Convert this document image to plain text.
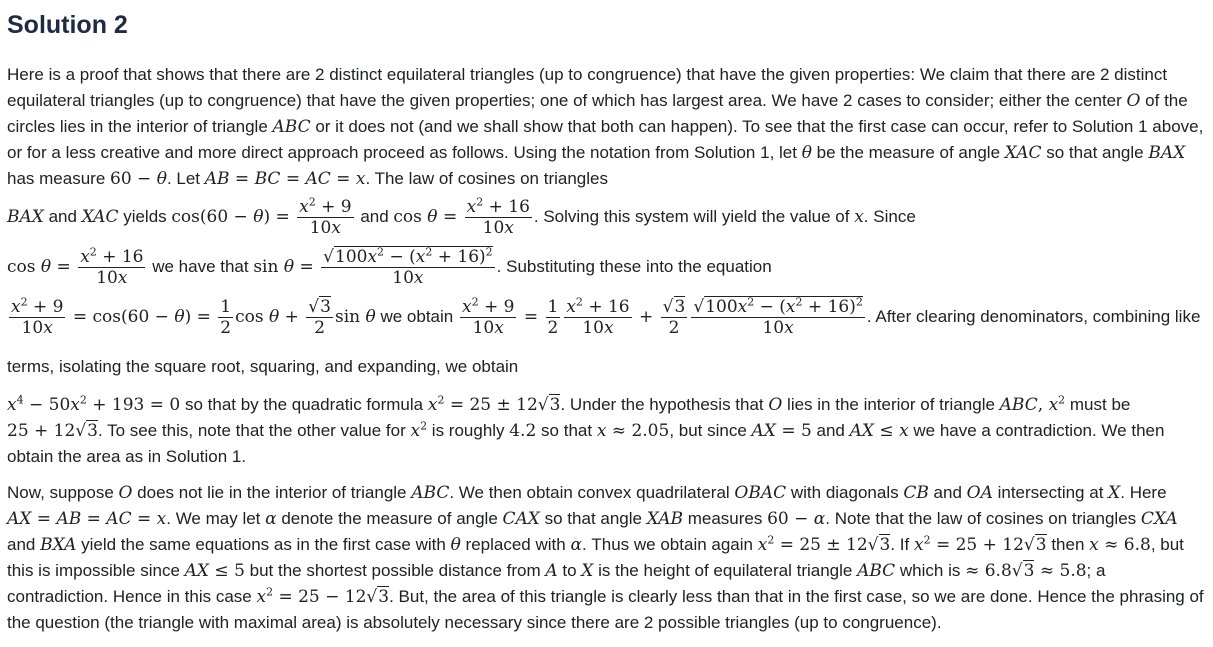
Solution 2

Here is a proof that shows that there are 2 distinct equilateral triangles (up to congruence) that have the given properties: We claim that there are 2 distinct equilateral triangles (up to congruence) that have the given properties; one of which has largest area. We have 2 cases to consider; either the center O of the circles lies in the interior of triangle ABC or it does not (and we shall show that both can happen). To see that the first case can occur, refer to Solution 1 above, or for a less creative and more direct approach proceed as follows. Using the notation from Solution 1, let θ be the measure of angle XAC so that angle BAX has measure 60 − θ. Let AB = BC = AC = x. The law of cosines on triangles
BAX and XAC yields $\cos(60 - \theta) = \frac{x^2 + 9}{10x}$ and $\cos \theta = \frac{x^2 + 16}{10x}$ . Solving this system will yield the value of x. Since
$\cos \theta = \frac{x^2 + 16}{10x}$ we have that $\sin \theta = \frac{√100x^2 - (x^2 + 16)^2}{10x}$ . Substituting these into the equation
$\frac{x^2 + 9}{10x} = \cos(60 - \theta) = \frac{1}{2}$ $\cos \theta + \frac{√3}{2}$ sin θ we obtain $\frac{x^2 + 9}{10x} = \frac{1}{2} \frac{x^2 + 16}{10x} + \frac{√3}{2} \frac{√100x^2 - (x^2 + 16)^2}{10x}$ . After clearing denominators, combining like terms, isolating the square root, squaring, and expanding, we obtain
$x^4 - 50x^2 + 193 = 0$ so that by the quadratic formula $x^2 = 25 \pm 12√3$. Under the hypothesis that O lies in the interior of triangle ABC, $x^2$ must be 25 + 12√3. To see this, note that the other value for $x^2$ is roughly 4.2 so that x ≈ 2.05, but since AX = 5 and AX ≤ x we have a contradiction. We then obtain the area as in Solution 1.

Now, suppose O does not lie in the interior of triangle ABC. We then obtain convex quadrilateral OBAC with diagonals CB and OA intersecting at X. Here AX = AB = AC = x. We may let α denote the measure of angle CAX so that angle XAB measures 60 − α. Note that the law of cosines on triangles CXA and BXA yield the same equations as in the first case with θ replaced with α. Thus we obtain again $x^2 = 25 \pm 12√3$. If $x^2 = 25 + 12√3$ then x ≈ 6.8, but this is impossible since AX ≤ 5 but the shortest possible distance from A to X is the height of equilateral triangle ABC which is ≈ 6.8√3 ≈ 5.8; a contradiction. Hence in this case $x^2 = 25 - 12√3$. But, the area of this triangle is clearly less than that in the first case, so we are done. Hence the phrasing of the question (the triangle with maximal area) is absolutely necessary since there are 2 possible triangles (up to congruence).
